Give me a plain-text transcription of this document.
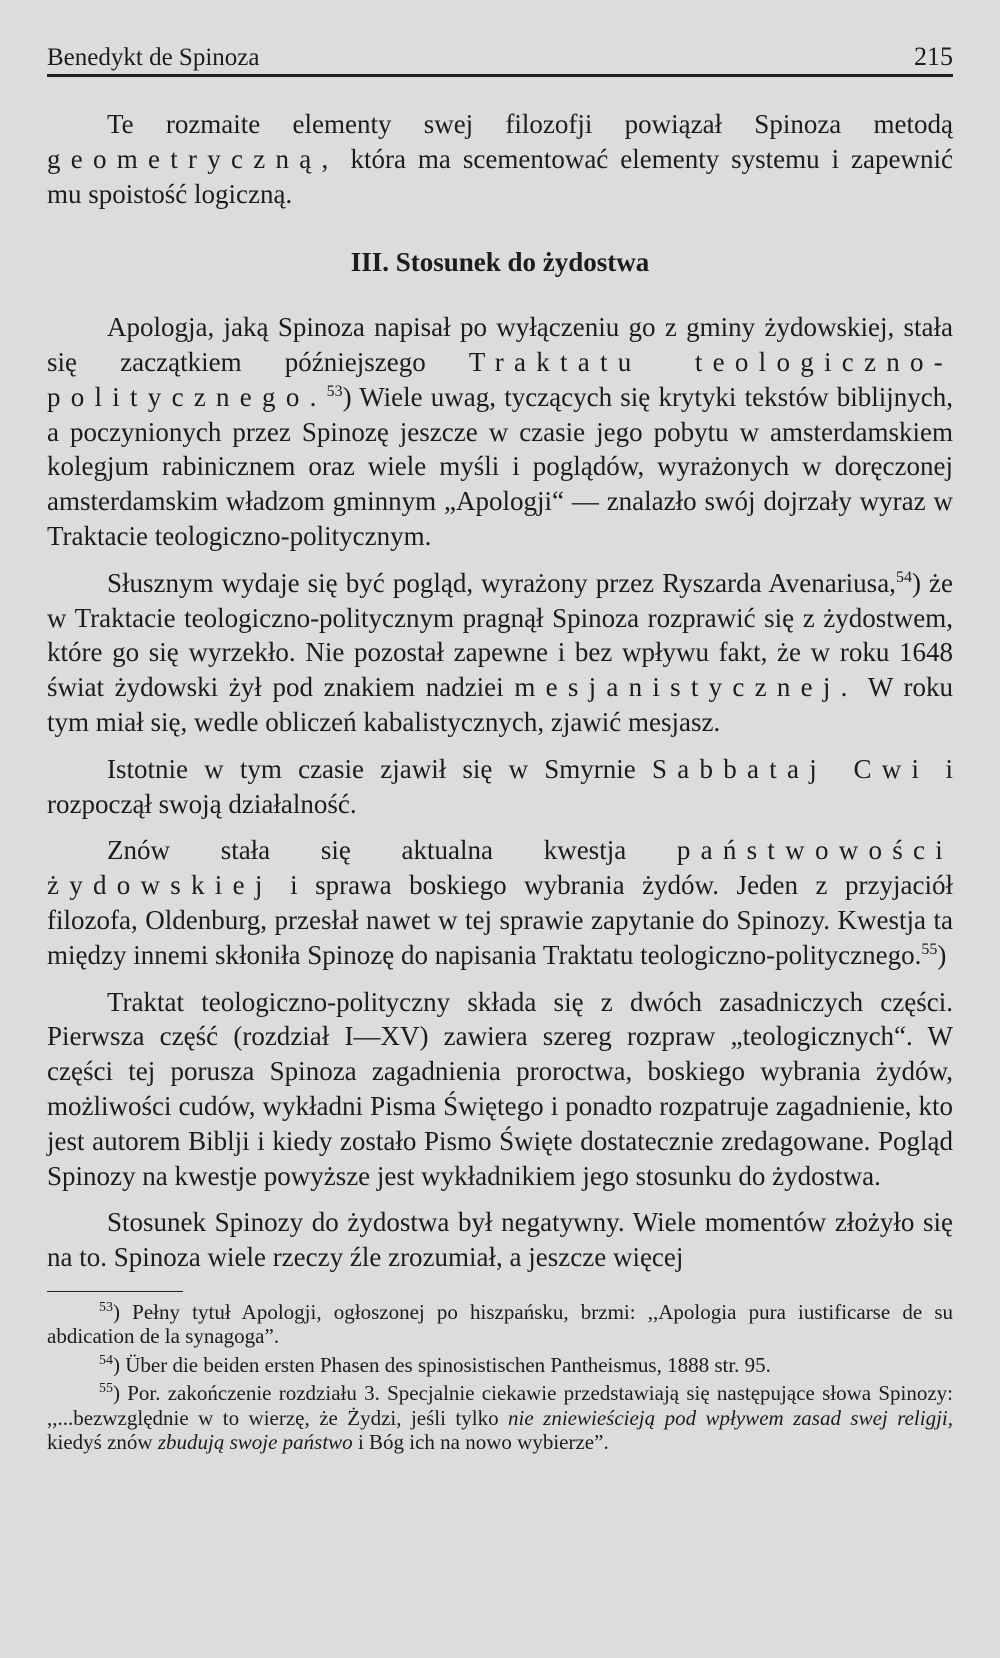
Benedykt de Spinoza	215

Te rozmaite elementy swej filozofji powiązał Spinoza metodą geometryczną, która ma scementować elementy systemu i zapewnić mu spoistość logiczną.

III. Stosunek do żydostwa

Apologja, jaką Spinoza napisał po wyłączeniu go z gminy żydowskiej, stała się zaczątkiem późniejszego Traktatu teologiczno-politycznego.$^{53}$) Wiele uwag, tyczących się krytyki tekstów biblijnych, a poczynionych przez Spinozę jeszcze w czasie jego pobytu w amsterdamskiem kolegjum rabinicznem oraz wiele myśli i poglądów, wyrażonych w doręczonej amsterdamskim władzom gminnym „Apologji“ — znalazło swój dojrzały wyraz w Traktacie teologiczno-politycznym.

Słusznym wydaje się być pogląd, wyrażony przez Ryszarda Avenariusa,$^{54}$) że w Traktacie teologiczno-politycznym pragnął Spinoza rozprawić się z żydostwem, które go się wyrzekło. Nie pozostał zapewne i bez wpływu fakt, że w roku 1648 świat żydowski żył pod znakiem nadziei mesjanistycznej. W roku tym miał się, wedle obliczeń kabalistycznych, zjawić mesjasz.

Istotnie w tym czasie zjawił się w Smyrnie Sabbataj Cwi i rozpoczął swoją działalność.

Znów stała się aktualna kwestja państwowości żydowskiej i sprawa boskiego wybrania żydów. Jeden z przyjaciół filozofa, Oldenburg, przesłał nawet w tej sprawie zapytanie do Spinozy. Kwestja ta między innemi skłoniła Spinozę do napisania Traktatu teologiczno-politycznego.$^{55}$)

Traktat teologiczno-polityczny składa się z dwóch zasadniczych części. Pierwsza część (rozdział I—XV) zawiera szereg rozpraw „teologicznych“. W części tej porusza Spinoza zagadnienia proroctwa, boskiego wybrania żydów, możliwości cudów, wykładni Pisma Świętego i ponadto rozpatruje zagadnienie, kto jest autorem Biblji i kiedy zostało Pismo Święte dostatecznie zredagowane. Pogląd Spinozy na kwestje powyższe jest wykładnikiem jego stosunku do żydostwa.

Stosunek Spinozy do żydostwa był negatywny. Wiele momentów złożyło się na to. Spinoza wiele rzeczy źle zrozumiał, a jeszcze więcej

$^{53}$) Pełny tytuł Apologji, ogłoszonej po hiszpańsku, brzmi: ,,Apologia pura iustificarse de su abdication de la synagoga”.

$^{54}$) Über die beiden ersten Phasen des spinosistischen Pantheismus, 1888 str. 95.

$^{55}$) Por. zakończenie rozdziału 3. Specjalnie ciekawie przedstawiają się następujące słowa Spinozy: ,,...bezwzględnie w to wierzę, że Żydzi, jeśli tylko nie zniewieścieją pod wpływem zasad swej religji, kiedyś znów zbudują swoje państwo i Bóg ich na nowo wybierze”.
